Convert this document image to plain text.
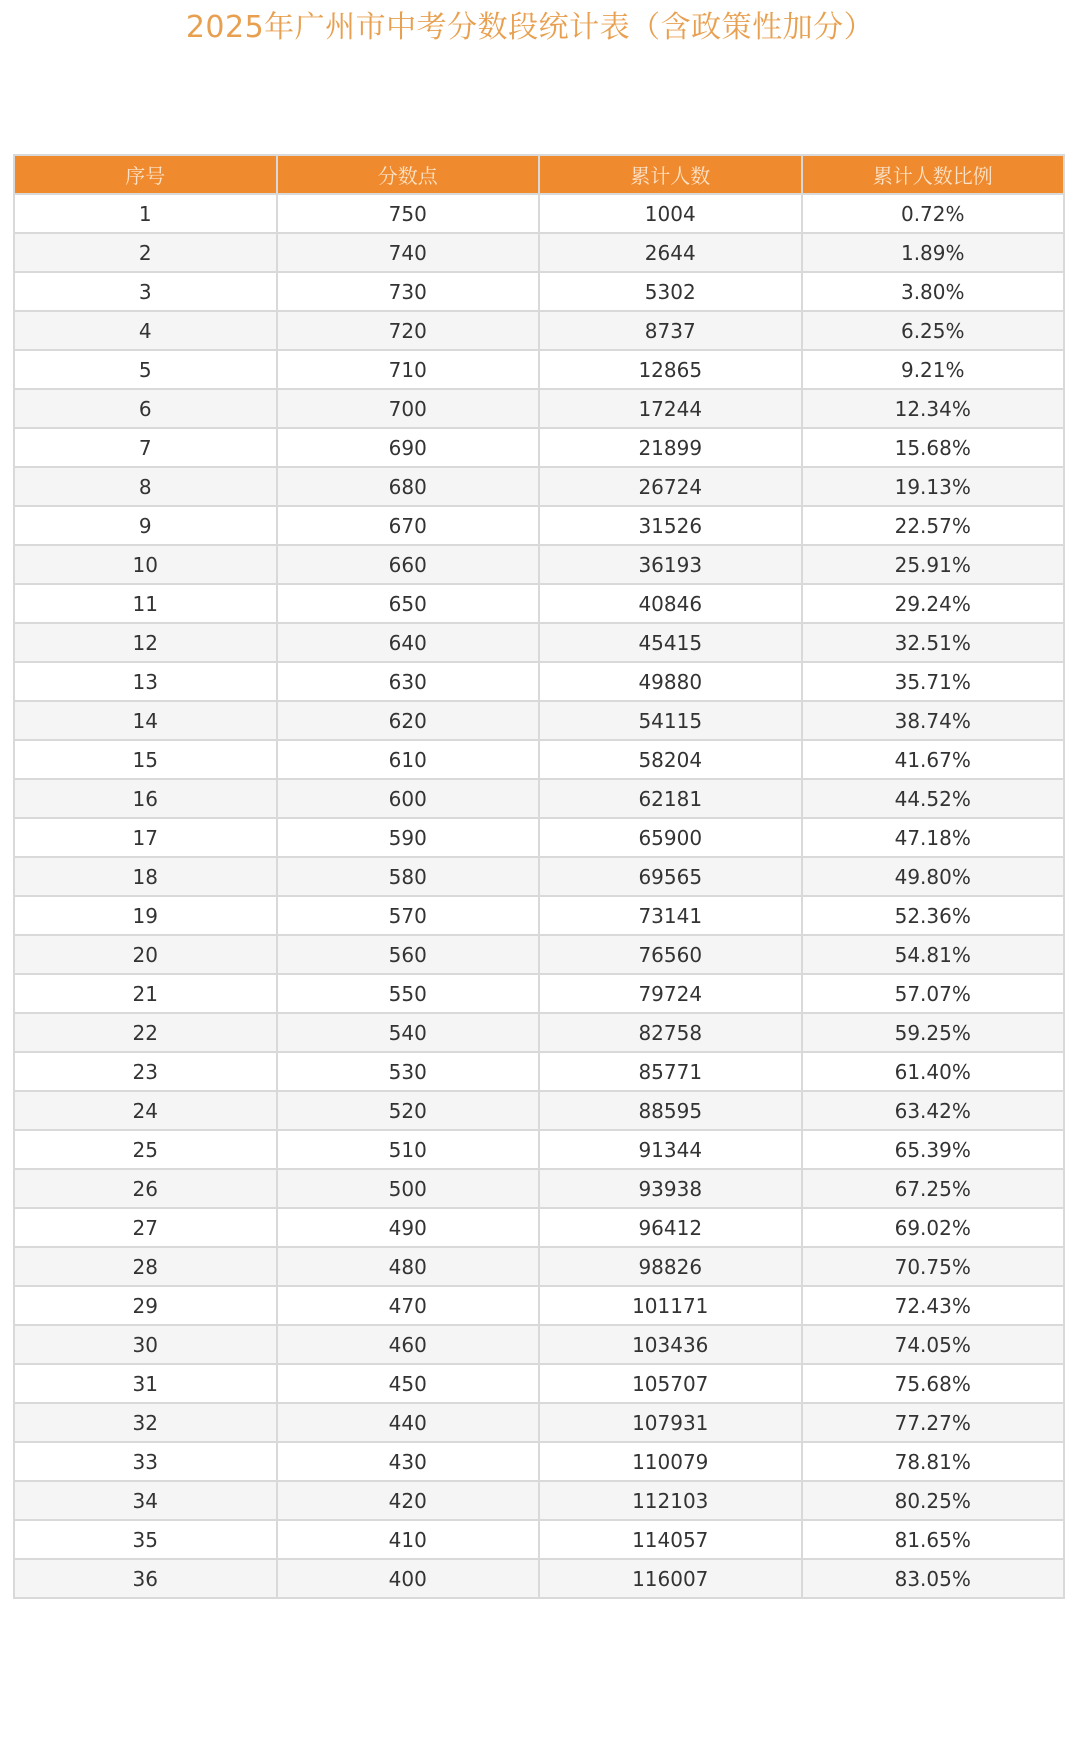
2025年广州市中考分数段统计表（含政策性加分）
序号	分数点	累计人数	累计人数比例
1	750	1004	0.72%
2	740	2644	1.89%
3	730	5302	3.80%
4	720	8737	6.25%
5	710	12865	9.21%
6	700	17244	12.34%
7	690	21899	15.68%
8	680	26724	19.13%
9	670	31526	22.57%
10	660	36193	25.91%
11	650	40846	29.24%
12	640	45415	32.51%
13	630	49880	35.71%
14	620	54115	38.74%
15	610	58204	41.67%
16	600	62181	44.52%
17	590	65900	47.18%
18	580	69565	49.80%
19	570	73141	52.36%
20	560	76560	54.81%
21	550	79724	57.07%
22	540	82758	59.25%
23	530	85771	61.40%
24	520	88595	63.42%
25	510	91344	65.39%
26	500	93938	67.25%
27	490	96412	69.02%
28	480	98826	70.75%
29	470	101171	72.43%
30	460	103436	74.05%
31	450	105707	75.68%
32	440	107931	77.27%
33	430	110079	78.81%
34	420	112103	80.25%
35	410	114057	81.65%
36	400	116007	83.05%
